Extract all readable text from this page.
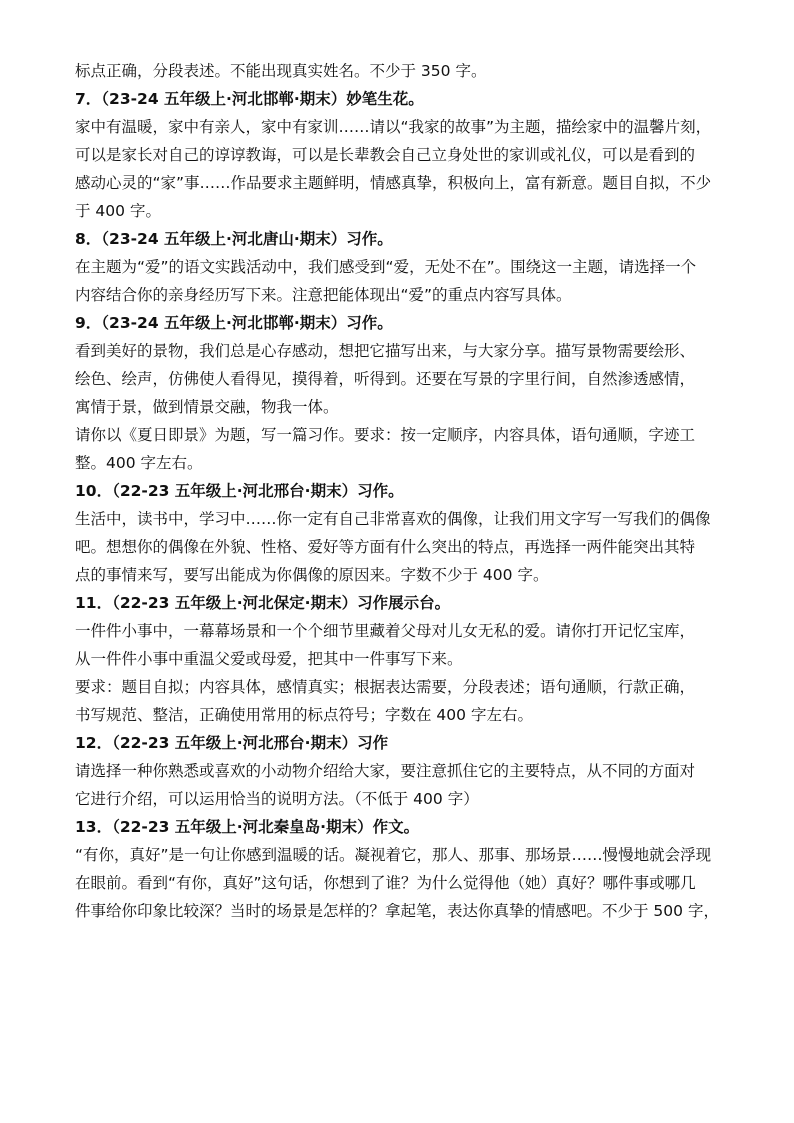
标点正确，分段表述。不能出现真实姓名。不少于 350 字。
7．（23-24 五年级上·河北邯郸·期末）妙笔生花。
家中有温暖，家中有亲人，家中有家训……请以“我家的故事”为主题，描绘家中的温馨片刻，
可以是家长对自己的谆谆教诲，可以是长辈教会自己立身处世的家训或礼仪，可以是看到的
感动心灵的“家”事……作品要求主题鲜明，情感真挚，积极向上，富有新意。题目自拟，不少
于 400 字。
8．（23-24 五年级上·河北唐山·期末）习作。
在主题为“爱”的语文实践活动中，我们感受到“爱，无处不在”。围绕这一主题，请选择一个
内容结合你的亲身经历写下来。注意把能体现出“爱”的重点内容写具体。
9．（23-24 五年级上·河北邯郸·期末）习作。
看到美好的景物，我们总是心存感动，想把它描写出来，与大家分享。描写景物需要绘形、
绘色、绘声，仿佛使人看得见，摸得着，听得到。还要在写景的字里行间，自然渗透感情，
寓情于景，做到情景交融，物我一体。
请你以《夏日即景》为题，写一篇习作。要求：按一定顺序，内容具体，语句通顺，字迹工
整。400 字左右。
10．（22-23 五年级上·河北邢台·期末）习作。
生活中，读书中，学习中……你一定有自己非常喜欢的偶像，让我们用文字写一写我们的偶像
吧。想想你的偶像在外貌、性格、爱好等方面有什么突出的特点，再选择一两件能突出其特
点的事情来写，要写出能成为你偶像的原因来。字数不少于 400 字。
11．（22-23 五年级上·河北保定·期末）习作展示台。
一件件小事中，一幕幕场景和一个个细节里藏着父母对儿女无私的爱。请你打开记忆宝库，
从一件件小事中重温父爱或母爱，把其中一件事写下来。
要求：题目自拟；内容具体，感情真实；根据表达需要，分段表述；语句通顺，行款正确，
书写规范、整洁，正确使用常用的标点符号；字数在 400 字左右。
12．（22-23 五年级上·河北邢台·期末）习作
请选择一种你熟悉或喜欢的小动物介绍给大家，要注意抓住它的主要特点，从不同的方面对
它进行介绍，可以运用恰当的说明方法。（不低于 400 字）
13．（22-23 五年级上·河北秦皇岛·期末）作文。
“有你，真好”是一句让你感到温暖的话。凝视着它，那人、那事、那场景……慢慢地就会浮现
在眼前。看到“有你，真好”这句话，你想到了谁？为什么觉得他（她）真好？哪件事或哪几
件事给你印象比较深？当时的场景是怎样的？拿起笔，表达你真挚的情感吧。不少于 500 字，
